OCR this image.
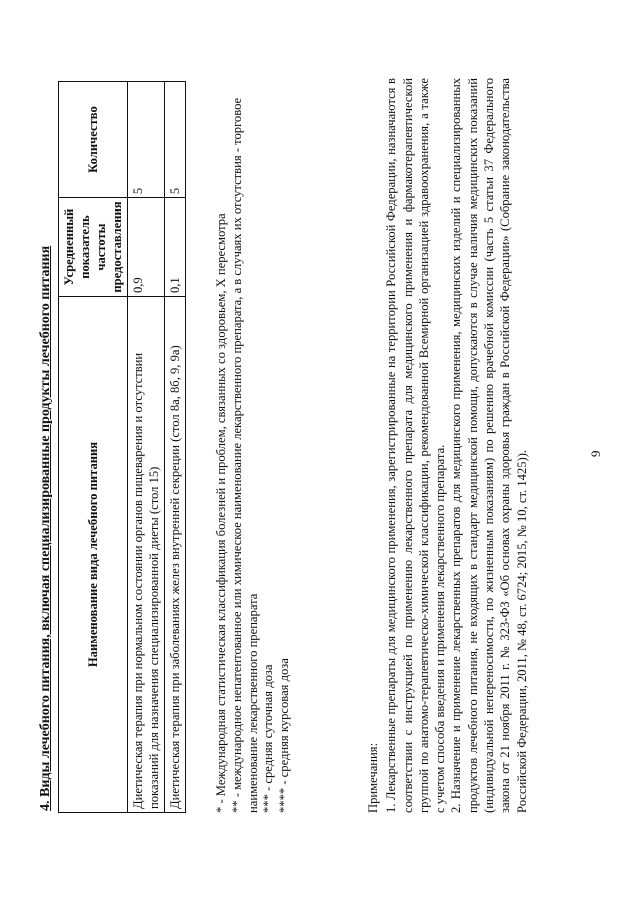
9
4. Виды лечебного питания, включая специализированные продукты лечебного питания	Наименование вида лечебного питания	Усредненный показатель частоты предоставления	Количество
Диетическая терапия при нормальном состоянии органов пищеварения и отсутствии показаний для назначения специализированной диеты (стол 15)	0,9	5
Диетическая терапия при заболеваниях желез внутренней секреции (стол 8а, 8б, 9, 9а)	0,1	5

* - Международная статистическая классификация болезней и проблем, связанных со здоровьем, X пересмотра ** - международное непатентованное или химическое наименование лекарственного препарата, а в случаях их отсутствия - торговое наименование лекарственного препарата *** - средняя суточная доза **** - средняя курсовая доза	Примечания: 1. Лекарственные препараты для медицинского применения, зарегистрированные на территории Российской Федерации, назначаются в соответствии с инструкцией по применению лекарственного препарата для медицинского применения и фармакотерапевтической группой по анатомо-терапевтическо-химической классификации, рекомендованной Всемирной организацией здравоохранения, а также с учетом способа введения и применения лекарственного препарата. 2. Назначение и применение лекарственных препаратов для медицинского применения, медицинских изделий и специализированных продуктов лечебного питания, не входящих в стандарт медицинской помощи, допускаются в случае наличия медицинских показаний (индивидуальной непереносимости, по жизненным показаниям) по решению врачебной комиссии (часть 5 статьи 37 Федерального закона от 21 ноября 2011 г. № 323-ФЗ «Об основах охраны здоровья граждан в Российской Федерации» (Собрание законодательства Российской Федерации, 2011, № 48, ст. 6724; 2015, № 10, ст. 1425)).
